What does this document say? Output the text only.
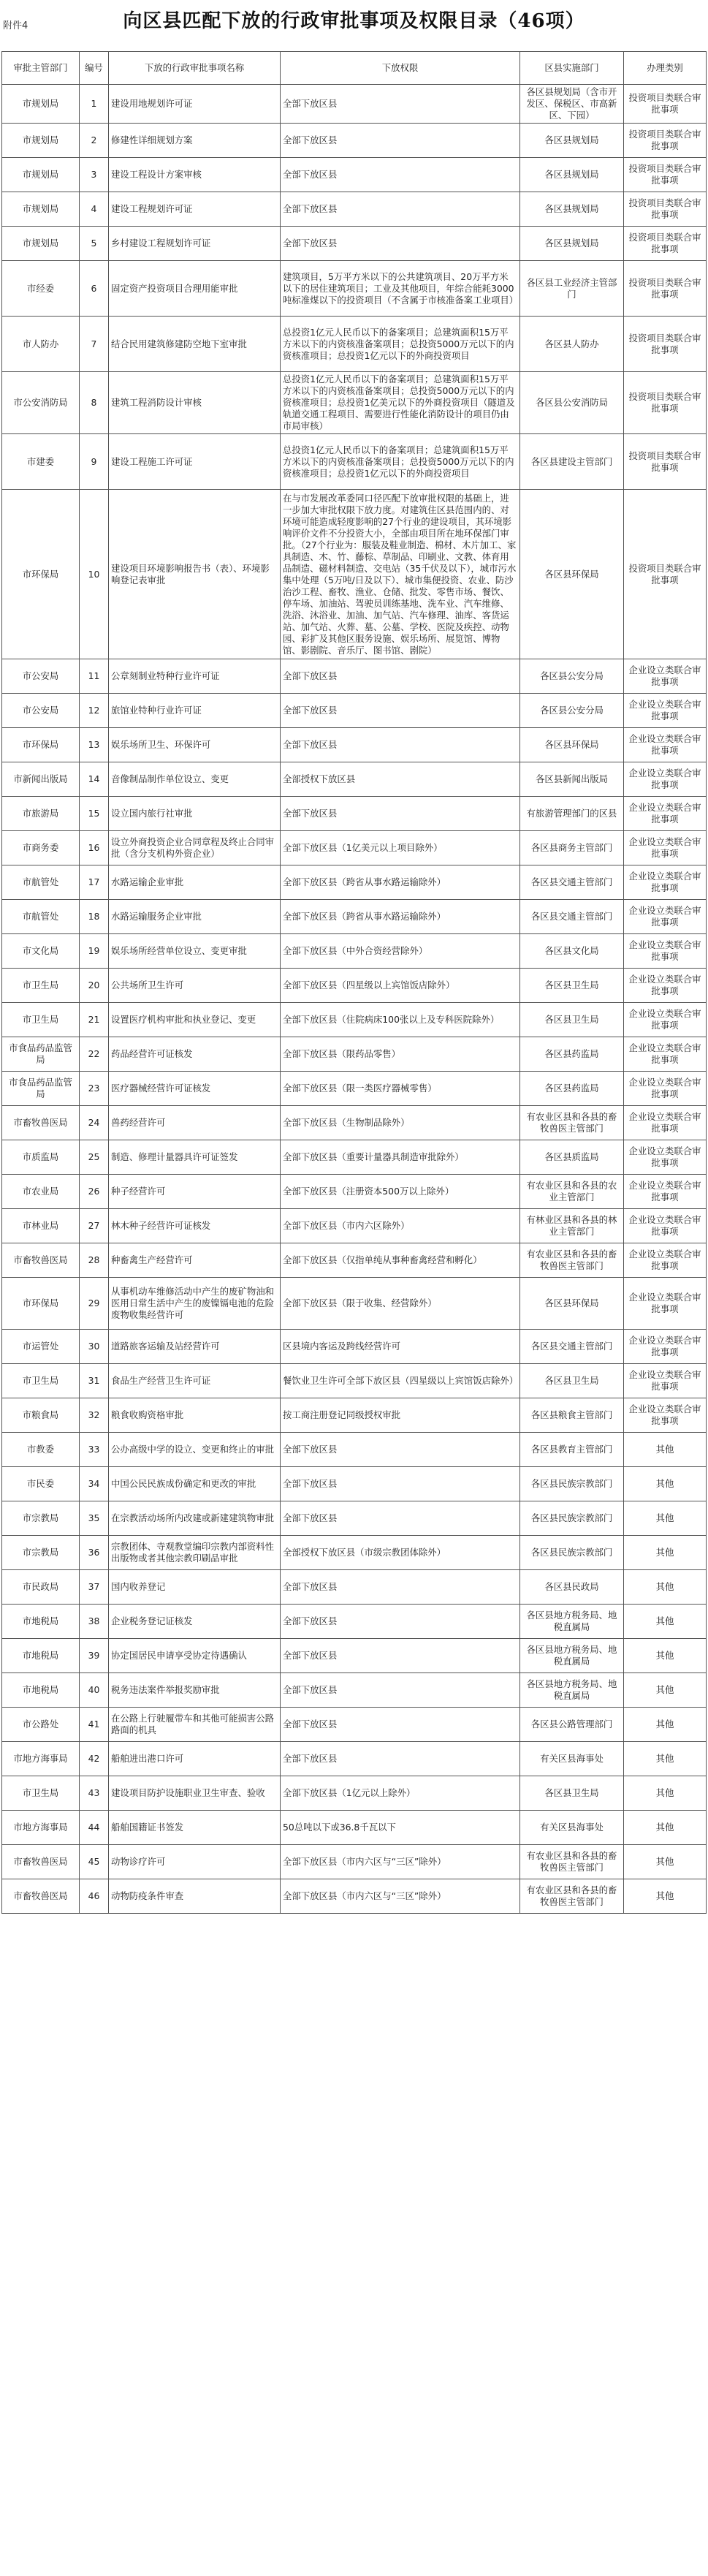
附件4	向区县匹配下放的行政审批事项及权限目录（46项）
审批主管部门	编号	下放的行政审批事项名称	下放权限	区县实施部门	办理类别
市规划局	1	建设用地规划许可证	全部下放区县	各区县规划局（含市开发区、保税区、市高新区、下园）	投资项目类联合审批事项
市规划局	2	修建性详细规划方案	全部下放区县	各区县规划局	投资项目类联合审批事项
市规划局	3	建设工程设计方案审核	全部下放区县	各区县规划局	投资项目类联合审批事项
市规划局	4	建设工程规划许可证	全部下放区县	各区县规划局	投资项目类联合审批事项
市规划局	5	乡村建设工程规划许可证	全部下放区县	各区县规划局	投资项目类联合审批事项
市经委	6	固定资产投资项目合理用能审批	建筑项目，5万平方米以下的公共建筑项目、20万平方米以下的居住建筑项目；工业及其他项目，年综合能耗3000吨标准煤以下的投资项目（不含属于市核准备案工业项目）	各区县工业经济主管部门	投资项目类联合审批事项
市人防办	7	结合民用建筑修建防空地下室审批	总投资1亿元人民币以下的备案项目；总建筑面积15万平方米以下的内资核准备案项目；总投资5000万元以下的内资核准项目；总投资1亿元以下的外商投资项目	各区县人防办	投资项目类联合审批事项
市公安消防局	8	建筑工程消防设计审核	总投资1亿元人民币以下的备案项目；总建筑面积15万平方米以下的内资核准备案项目；总投资5000万元以下的内资核准项目；总投资1亿美元以下的外商投资项目（隧道及轨道交通工程项目、需要进行性能化消防设计的项目仍由市局审核）	各区县公安消防局	投资项目类联合审批事项
市建委	9	建设工程施工许可证	总投资1亿元人民币以下的备案项目；总建筑面积15万平方米以下的内资核准备案项目；总投资5000万元以下的内资核准项目；总投资1亿元以下的外商投资项目	各区县建设主管部门	投资项目类联合审批事项
市环保局	10	建设项目环境影响报告书（表）、环境影响登记表审批	在与市发展改革委同口径匹配下放审批权限的基础上，进一步加大审批权限下放力度。对建筑住区县范围内的、对环境可能造成轻度影响的27个行业的建设项目，其环境影响评价文件不分投资大小，全部由项目所在地环保部门审批。（27个行业为：服装及鞋业制造、棉材、木片加工、家具制造、木、竹、藤棕、草制品、印刷业、文教、体育用品制造、磁材料制造、交电站（35千伏及以下），城市污水集中处理（5万吨/日及以下）、城市集便投资、农业、防沙治沙工程、畜牧、渔业、仓储、批发、零售市场、餐饮、停车场、加油站、驾驶员训练基地、洗车业、汽车维修、洗浴、沐浴业、加油、加气站、汽车修理、油库、客货运站、加气站、火葬、墓、公墓、学校、医院及疾控、动物园、彩扩及其他区服务设施、娱乐场所、展览馆、博物馆、影剧院、音乐厅、图书馆、剧院）	各区县环保局	投资项目类联合审批事项
市公安局	11	公章刻制业特种行业许可证	全部下放区县	各区县公安分局	企业设立类联合审批事项
市公安局	12	旅馆业特种行业许可证	全部下放区县	各区县公安分局	企业设立类联合审批事项
市环保局	13	娱乐场所卫生、环保许可	全部下放区县	各区县环保局	企业设立类联合审批事项
市新闻出版局	14	音像制品制作单位设立、变更	全部授权下放区县	各区县新闻出版局	企业设立类联合审批事项
市旅游局	15	设立国内旅行社审批	全部下放区县	有旅游管理部门的区县	企业设立类联合审批事项
市商务委	16	设立外商投资企业合同章程及终止合同审批（含分支机构外资企业）	全部下放区县（1亿美元以上项目除外）	各区县商务主管部门	企业设立类联合审批事项
市航管处	17	水路运输企业审批	全部下放区县（跨省从事水路运输除外）	各区县交通主管部门	企业设立类联合审批事项
市航管处	18	水路运输服务企业审批	全部下放区县（跨省从事水路运输除外）	各区县交通主管部门	企业设立类联合审批事项
市文化局	19	娱乐场所经营单位设立、变更审批	全部下放区县（中外合资经营除外）	各区县文化局	企业设立类联合审批事项
市卫生局	20	公共场所卫生许可	全部下放区县（四星级以上宾馆饭店除外）	各区县卫生局	企业设立类联合审批事项
市卫生局	21	设置医疗机构审批和执业登记、变更	全部下放区县（住院病床100张以上及专科医院除外）	各区县卫生局	企业设立类联合审批事项
市食品药品监管局	22	药品经营许可证核发	全部下放区县（限药品零售）	各区县药监局	企业设立类联合审批事项
市食品药品监管局	23	医疗器械经营许可证核发	全部下放区县（限一类医疗器械零售）	各区县药监局	企业设立类联合审批事项
市畜牧兽医局	24	兽药经营许可	全部下放区县（生物制品除外）	有农业区县和各县的畜牧兽医主管部门	企业设立类联合审批事项
市质监局	25	制造、修理计量器具许可证签发	全部下放区县（重要计量器具制造审批除外）	各区县质监局	企业设立类联合审批事项
市农业局	26	种子经营许可	全部下放区县（注册资本500万以上除外）	有农业区县和各县的农业主管部门	企业设立类联合审批事项
市林业局	27	林木种子经营许可证核发	全部下放区县（市内六区除外）	有林业区县和各县的林业主管部门	企业设立类联合审批事项
市畜牧兽医局	28	种畜禽生产经营许可	全部下放区县（仅指单纯从事种畜禽经营和孵化）	有农业区县和各县的畜牧兽医主管部门	企业设立类联合审批事项
市环保局	29	从事机动车维修活动中产生的废矿物油和医用日常生活中产生的废镍镉电池的危险废物收集经营许可	全部下放区县（限于收集、经营除外）	各区县环保局	企业设立类联合审批事项
市运管处	30	道路旅客运输及站经营许可	区县境内客运及跨线经营许可	各区县交通主管部门	企业设立类联合审批事项
市卫生局	31	食品生产经营卫生许可证	餐饮业卫生许可全部下放区县（四星级以上宾馆饭店除外）	各区县卫生局	企业设立类联合审批事项
市粮食局	32	粮食收购资格审批	按工商注册登记同级授权审批	各区县粮食主管部门	企业设立类联合审批事项
市教委	33	公办高级中学的设立、变更和终止的审批	全部下放区县	各区县教育主管部门	其他
市民委	34	中国公民民族成份确定和更改的审批	全部下放区县	各区县民族宗教部门	其他
市宗教局	35	在宗教活动场所内改建或新建建筑物审批	全部下放区县	各区县民族宗教部门	其他
市宗教局	36	宗教团体、寺观教堂编印宗教内部资料性出版物或者其他宗教印刷品审批	全部授权下放区县（市级宗教团体除外）	各区县民族宗教部门	其他
市民政局	37	国内收养登记	全部下放区县	各区县民政局	其他
市地税局	38	企业税务登记证核发	全部下放区县	各区县地方税务局、地税直属局	其他
市地税局	39	协定国居民申请享受协定待遇确认	全部下放区县	各区县地方税务局、地税直属局	其他
市地税局	40	税务违法案件举报奖励审批	全部下放区县	各区县地方税务局、地税直属局	其他
市公路处	41	在公路上行驶履带车和其他可能损害公路路面的机具	全部下放区县	各区县公路管理部门	其他
市地方海事局	42	船舶进出港口许可	全部下放区县	有关区县海事处	其他
市卫生局	43	建设项目防护设施职业卫生审查、验收	全部下放区县（1亿元以上除外）	各区县卫生局	其他
市地方海事局	44	船舶国籍证书签发	50总吨以下或36.8千瓦以下	有关区县海事处	其他
市畜牧兽医局	45	动物诊疗许可	全部下放区县（市内六区与“三区”除外）	有农业区县和各县的畜牧兽医主管部门	其他
市畜牧兽医局	46	动物防疫条件审查	全部下放区县（市内六区与“三区”除外）	有农业区县和各县的畜牧兽医主管部门	其他
